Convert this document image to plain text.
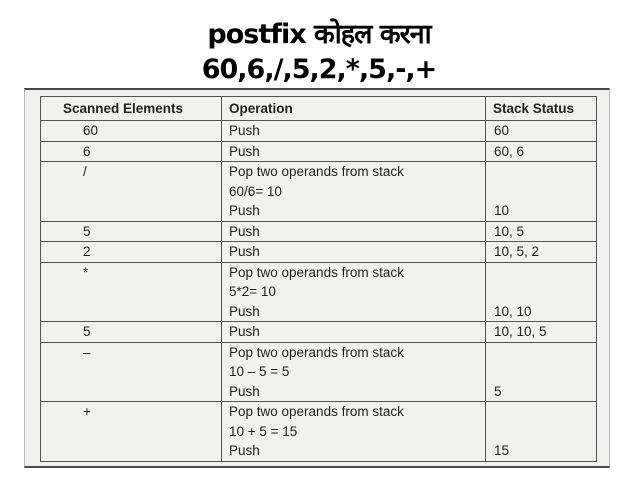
postfix कोहल करना
60,6,/,5,2,*,5,-,+
Scanned Elements	Operation	Stack Status
60	Push	60
6	Push	60, 6
/	Pop two operands from stack
60/6= 10
Push	10

5	Push	10, 5
2	Push	10, 5, 2
*	Pop two operands from stack
5*2= 10
Push	10, 10

5	Push	10, 10, 5
–	Pop two operands from stack
10 – 5 = 5
Push	5

+	Pop two operands from stack
10 + 5 = 15
Push	15
